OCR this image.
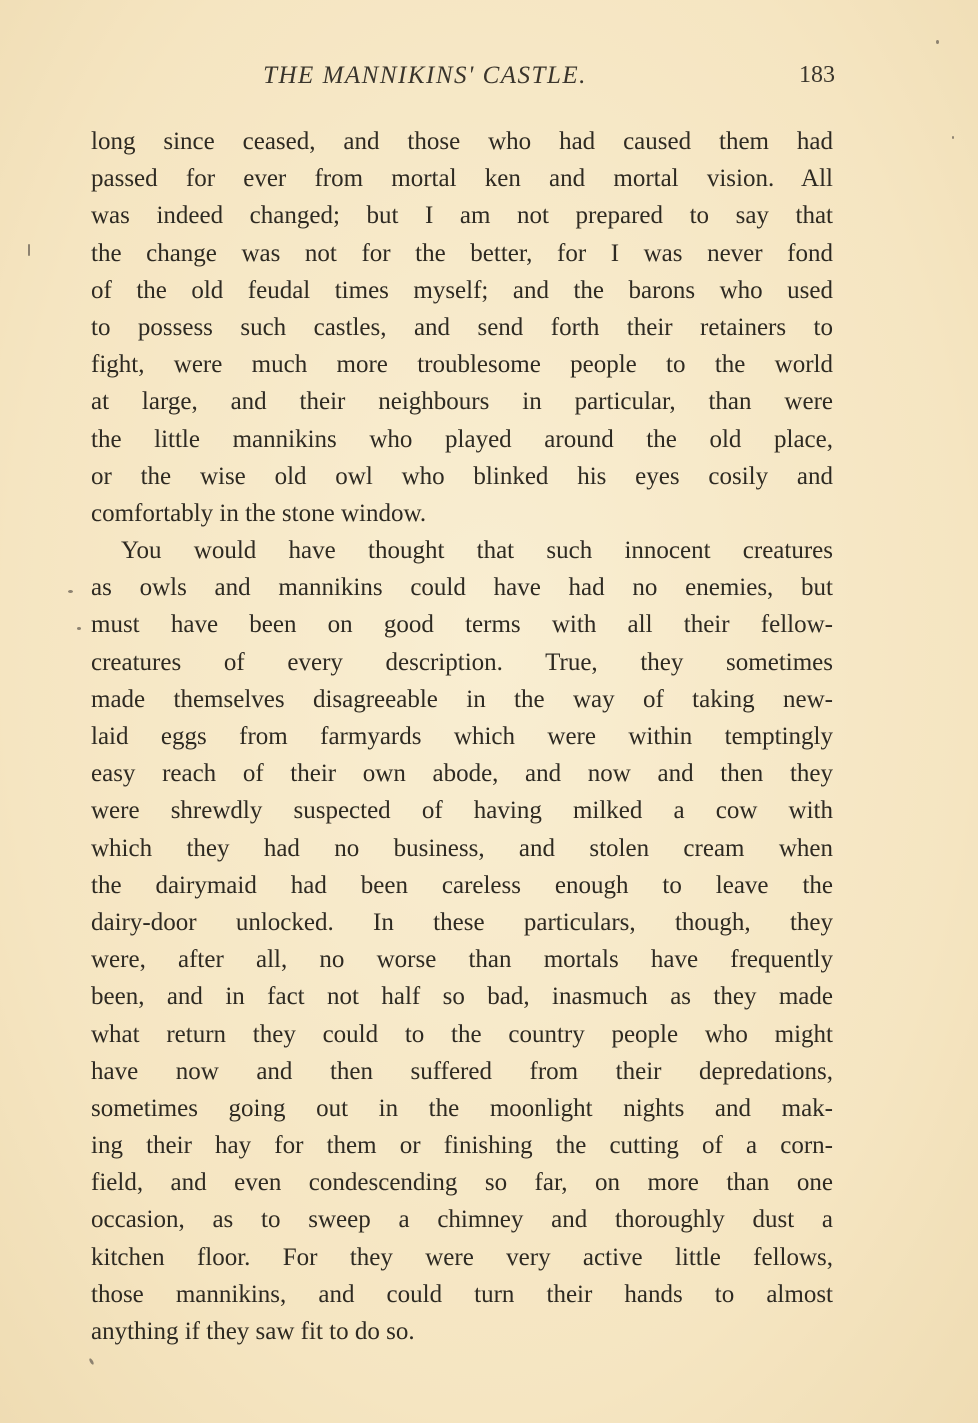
THE MANNIKINS' CASTLE.	183

long since ceased, and those who had caused them had
passed for ever from mortal ken and mortal vision. All
was indeed changed; but I am not prepared to say that
the change was not for the better, for I was never fond
of the old feudal times myself; and the barons who used
to possess such castles, and send forth their retainers to
fight, were much more troublesome people to the world
at large, and their neighbours in particular, than were
the little mannikins who played around the old place,
or the wise old owl who blinked his eyes cosily and
comfortably in the stone window.

You would have thought that such innocent creatures
as owls and mannikins could have had no enemies, but
must have been on good terms with all their fellow-
creatures of every description. True, they sometimes
made themselves disagreeable in the way of taking new-
laid eggs from farmyards which were within temptingly
easy reach of their own abode, and now and then they
were shrewdly suspected of having milked a cow with
which they had no business, and stolen cream when
the dairymaid had been careless enough to leave the
dairy-door unlocked. In these particulars, though, they
were, after all, no worse than mortals have frequently
been, and in fact not half so bad, inasmuch as they made
what return they could to the country people who might
have now and then suffered from their depredations,
sometimes going out in the moonlight nights and mak-
ing their hay for them or finishing the cutting of a corn-
field, and even condescending so far, on more than one
occasion, as to sweep a chimney and thoroughly dust a
kitchen floor. For they were very active little fellows,
those mannikins, and could turn their hands to almost
anything if they saw fit to do so.
